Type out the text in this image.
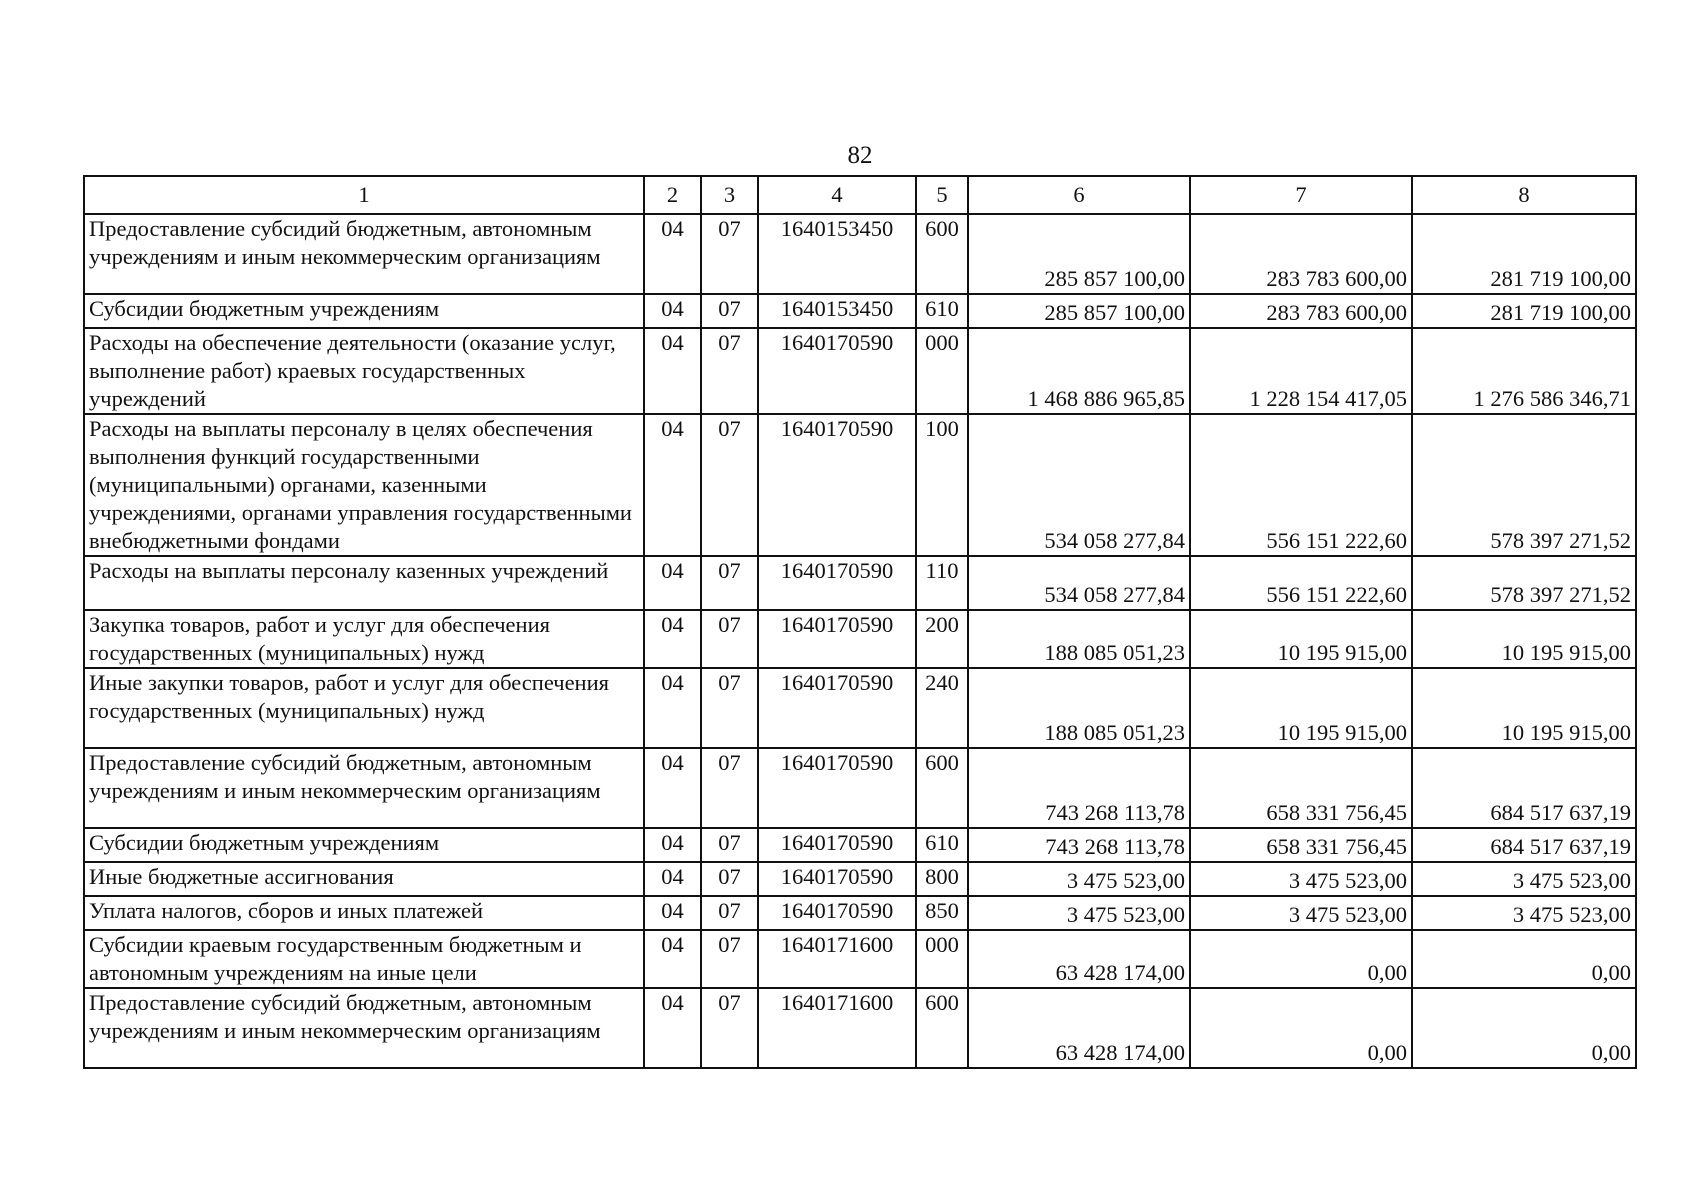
82
1	2	3	4	5	6	7	8
Предоставление субсидий бюджетным, автономным учреждениям и иным некоммерческим организациям	04	07	1640153450	600	285 857 100,00	283 783 600,00	281 719 100,00
Субсидии бюджетным учреждениям	04	07	1640153450	610	285 857 100,00	283 783 600,00	281 719 100,00
Расходы на обеспечение деятельности (оказание услуг, выполнение работ) краевых государственных учреждений	04	07	1640170590	000	1 468 886 965,85	1 228 154 417,05	1 276 586 346,71
Расходы на выплаты персоналу в целях обеспечения выполнения функций государственными (муниципальными) органами, казенными учреждениями, органами управления государственными внебюджетными фондами	04	07	1640170590	100	534 058 277,84	556 151 222,60	578 397 271,52
Расходы на выплаты персоналу казенных учреждений	04	07	1640170590	110	534 058 277,84	556 151 222,60	578 397 271,52
Закупка товаров, работ и услуг для обеспечения государственных (муниципальных) нужд	04	07	1640170590	200	188 085 051,23	10 195 915,00	10 195 915,00
Иные закупки товаров, работ и услуг для обеспечения государственных (муниципальных) нужд	04	07	1640170590	240	188 085 051,23	10 195 915,00	10 195 915,00
Предоставление субсидий бюджетным, автономным учреждениям и иным некоммерческим организациям	04	07	1640170590	600	743 268 113,78	658 331 756,45	684 517 637,19
Субсидии бюджетным учреждениям	04	07	1640170590	610	743 268 113,78	658 331 756,45	684 517 637,19
Иные бюджетные ассигнования	04	07	1640170590	800	3 475 523,00	3 475 523,00	3 475 523,00
Уплата налогов, сборов и иных платежей	04	07	1640170590	850	3 475 523,00	3 475 523,00	3 475 523,00
Субсидии краевым государственным бюджетным и автономным учреждениям на иные цели	04	07	1640171600	000	63 428 174,00	0,00	0,00
Предоставление субсидий бюджетным, автономным учреждениям и иным некоммерческим организациям	04	07	1640171600	600	63 428 174,00	0,00	0,00
